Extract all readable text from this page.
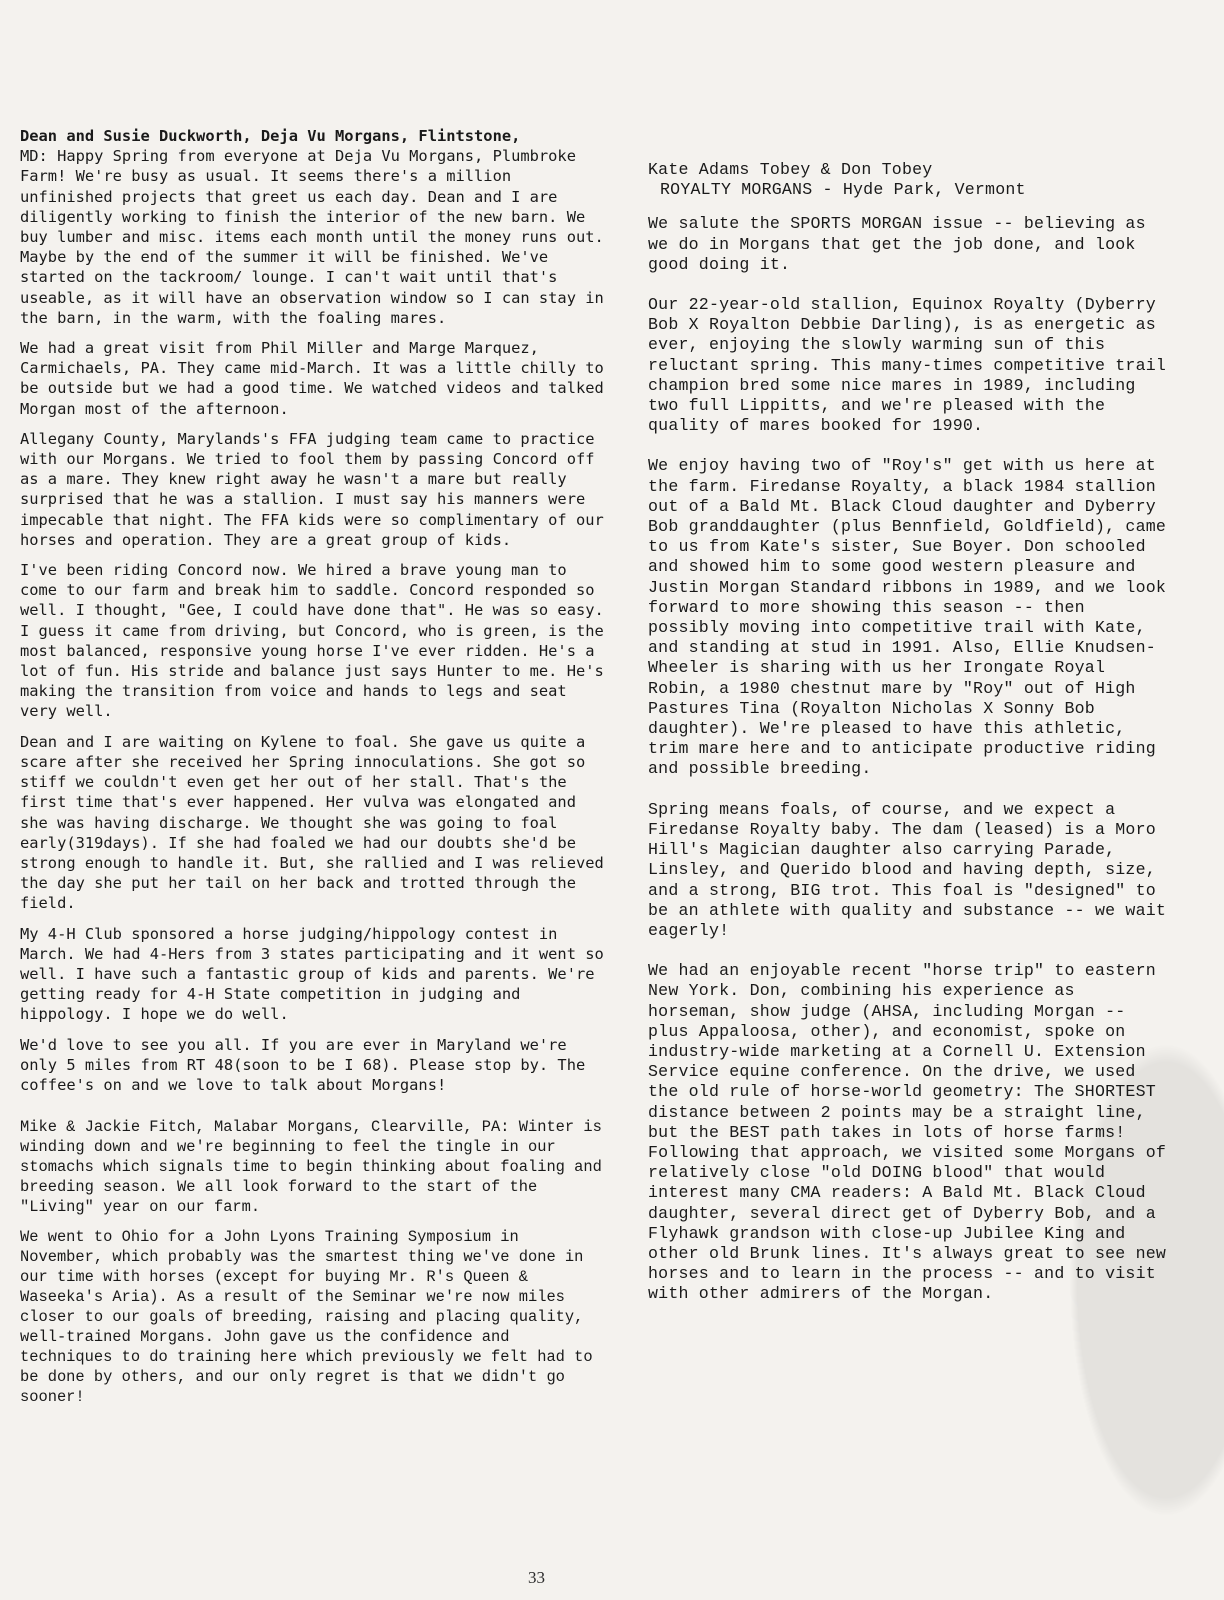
Dean and Susie Duckworth, Deja Vu Morgans, Flintstone,

MD: Happy Spring from everyone at Deja Vu Morgans, Plumbroke Farm! We're busy as usual. It seems there's a million unfinished projects that greet us each day. Dean and I are diligently working to finish the interior of the new barn. We buy lumber and misc. items each month until the money runs out. Maybe by the end of the summer it will be finished. We've started on the tackroom/ lounge. I can't wait until that's useable, as it will have an observation window so I can stay in the barn, in the warm, with the foaling mares.

We had a great visit from Phil Miller and Marge Marquez, Carmichaels, PA. They came mid-March. It was a little chilly to be outside but we had a good time. We watched videos and talked Morgan most of the afternoon.

Allegany County, Marylands's FFA judging team came to practice with our Morgans. We tried to fool them by passing Concord off as a mare. They knew right away he wasn't a mare but really surprised that he was a stallion. I must say his manners were impecable that night. The FFA kids were so complimentary of our horses and operation. They are a great group of kids.

I've been riding Concord now. We hired a brave young man to come to our farm and break him to saddle. Concord responded so well. I thought, "Gee, I could have done that". He was so easy. I guess it came from driving, but Concord, who is green, is the most balanced, responsive young horse I've ever ridden. He's a lot of fun. His stride and balance just says Hunter to me. He's making the transition from voice and hands to legs and seat very well.

Dean and I are waiting on Kylene to foal. She gave us quite a scare after she received her Spring innoculations. She got so stiff we couldn't even get her out of her stall. That's the first time that's ever happened. Her vulva was elongated and she was having discharge. We thought she was going to foal early(319days). If she had foaled we had our doubts she'd be strong enough to handle it. But, she rallied and I was relieved the day she put her tail on her back and trotted through the field.

My 4-H Club sponsored a horse judging/hippology contest in March. We had 4-Hers from 3 states participating and it went so well. I have such a fantastic group of kids and parents. We're getting ready for 4-H State competition in judging and hippology. I hope we do well.

We'd love to see you all. If you are ever in Maryland we're only 5 miles from RT 48(soon to be I 68). Please stop by. The coffee's on and we love to talk about Morgans!

Mike & Jackie Fitch, Malabar Morgans, Clearville, PA: Winter is winding down and we're beginning to feel the tingle in our stomachs which signals time to begin thinking about foaling and breeding season. We all look forward to the start of the "Living" year on our farm.

We went to Ohio for a John Lyons Training Symposium in November, which probably was the smartest thing we've done in our time with horses (except for buying Mr. R's Queen & Waseeka's Aria). As a result of the Seminar we're now miles closer to our goals of breeding, raising and placing quality, well-trained Morgans. John gave us the confidence and techniques to do training here which previously we felt had to be done by others, and our only regret is that we didn't go sooner!

Kate Adams Tobey & Don Tobey
ROYALTY MORGANS - Hyde Park, Vermont

We salute the SPORTS MORGAN issue -- believing as we do in Morgans that get the job done, and look good doing it.

Our 22-year-old stallion, Equinox Royalty (Dyberry Bob X Royalton Debbie Darling), is as energetic as ever, enjoying the slowly warming sun of this reluctant spring. This many-times competitive trail champion bred some nice mares in 1989, including two full Lippitts, and we're pleased with the quality of mares booked for 1990.

We enjoy having two of "Roy's" get with us here at the farm. Firedanse Royalty, a black 1984 stallion out of a Bald Mt. Black Cloud daughter and Dyberry Bob granddaughter (plus Bennfield, Goldfield), came to us from Kate's sister, Sue Boyer. Don schooled and showed him to some good western pleasure and Justin Morgan Standard ribbons in 1989, and we look forward to more showing this season -- then possibly moving into competitive trail with Kate, and standing at stud in 1991. Also, Ellie Knudsen-Wheeler is sharing with us her Irongate Royal Robin, a 1980 chestnut mare by "Roy" out of High Pastures Tina (Royalton Nicholas X Sonny Bob daughter). We're pleased to have this athletic, trim mare here and to anticipate productive riding and possible breeding.

Spring means foals, of course, and we expect a Firedanse Royalty baby. The dam (leased) is a Moro Hill's Magician daughter also carrying Parade, Linsley, and Querido blood and having depth, size, and a strong, BIG trot. This foal is "designed" to be an athlete with quality and substance -- we wait eagerly!

We had an enjoyable recent "horse trip" to eastern New York. Don, combining his experience as horseman, show judge (AHSA, including Morgan -- plus Appaloosa, other), and economist, spoke on industry-wide marketing at a Cornell U. Extension Service equine conference. On the drive, we used the old rule of horse-world geometry: The SHORTEST distance between 2 points may be a straight line, but the BEST path takes in lots of horse farms! Following that approach, we visited some Morgans of relatively close "old DOING blood" that would interest many CMA readers: A Bald Mt. Black Cloud daughter, several direct get of Dyberry Bob, and a Flyhawk grandson with close-up Jubilee King and other old Brunk lines. It's always great to see new horses and to learn in the process -- and to visit with other admirers of the Morgan.

33
